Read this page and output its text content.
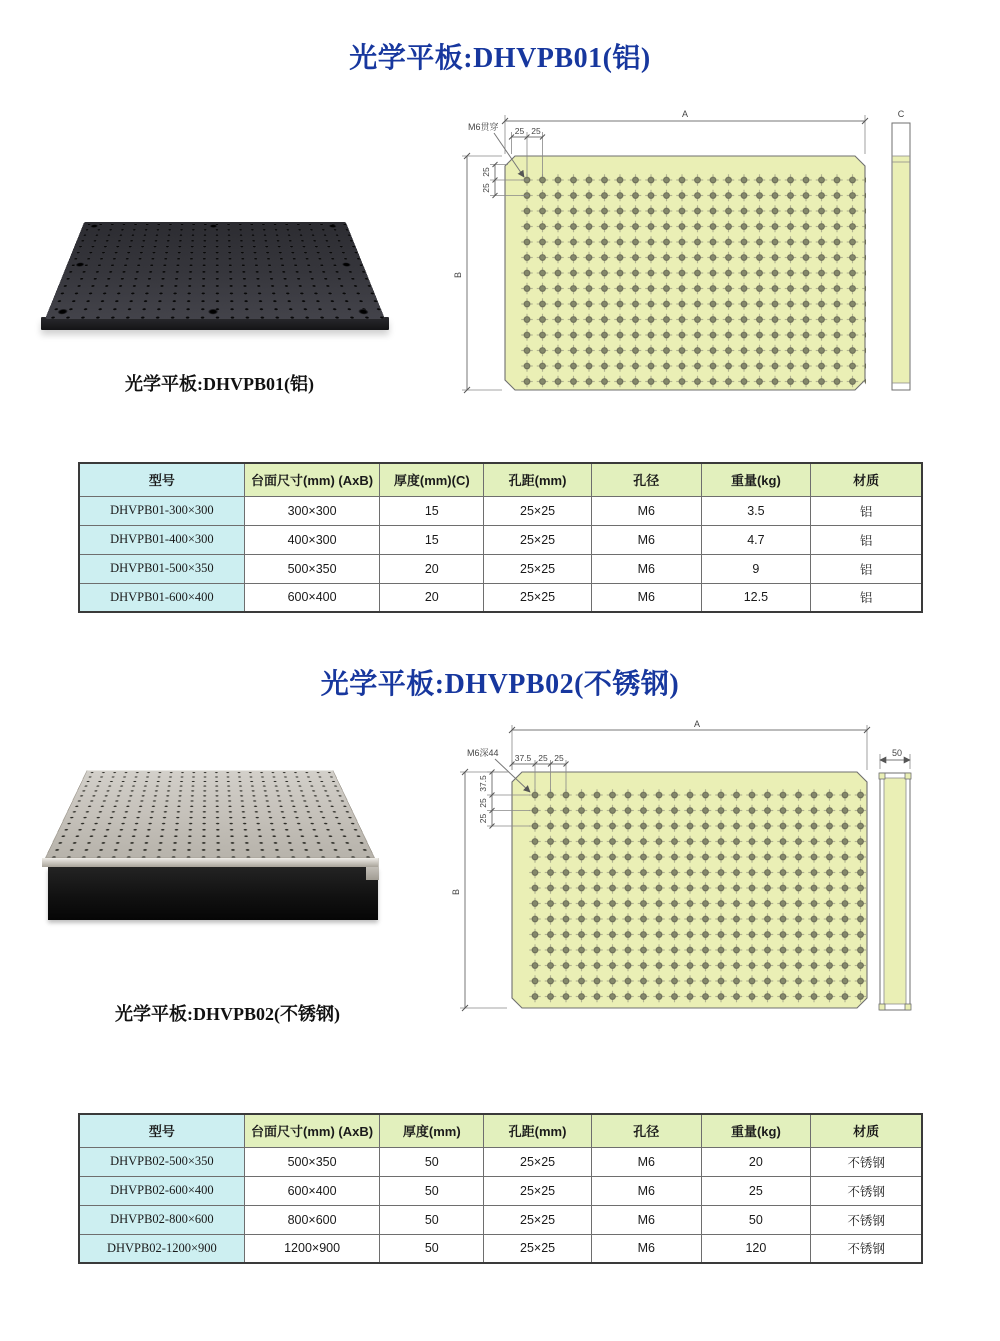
光学平板:DHVPB01(铝)
A
B
25 25
25
25
M6贯穿
C
光学平板:DHVPB01(铝)
型号	台面尺寸(mm) (AxB)	厚度(mm)(C)	孔距(mm)	孔径	重量(kg)	材质
DHVPB01-300×300	300×300	15	25×25	M6	3.5	铝
DHVPB01-400×300	400×300	15	25×25	M6	4.7	铝
DHVPB01-500×350	500×350	20	25×25	M6	9	铝
DHVPB01-600×400	600×400	20	25×25	M6	12.5	铝
光学平板:DHVPB02(不锈钢)
A
B
37.5 25 25
37.5
25
25
M6深44	50
光学平板:DHVPB02(不锈钢)
型号	台面尺寸(mm) (AxB)	厚度(mm)	孔距(mm)	孔径	重量(kg)	材质
DHVPB02-500×350	500×350	50	25×25	M6	20	不锈钢
DHVPB02-600×400	600×400	50	25×25	M6	25	不锈钢
DHVPB02-800×600	800×600	50	25×25	M6	50	不锈钢
DHVPB02-1200×900	1200×900	50	25×25	M6	120	不锈钢
